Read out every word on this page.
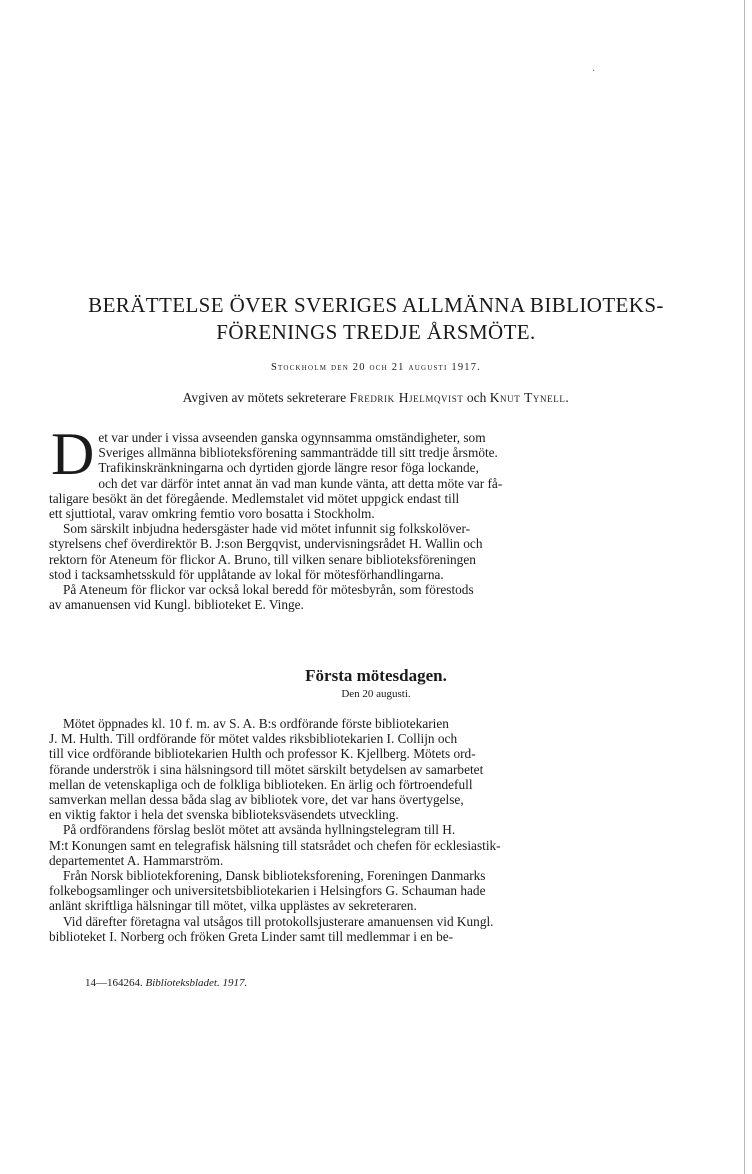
·
BERÄTTELSE ÖVER SVERIGES ALLMÄNNA BIBLIOTEKS-
FÖRENINGS TREDJE ÅRSMÖTE.
Stockholm den 20 och 21 augusti 1917.
Avgiven av mötets sekreterare Fredrik Hjelmqvist och Knut Tynell.
D et var under i vissa avseenden ganska ogynnsamma omständigheter, som
Sveriges allmänna biblioteksförening sammanträdde till sitt tredje årsmöte.
Trafikinskränkningarna och dyrtiden gjorde längre resor föga lockande,
och det var därför intet annat än vad man kunde vänta, att detta möte var få-
taligare besökt än det föregående. Medlemstalet vid mötet uppgick endast till
ett sjuttiotal, varav omkring femtio voro bosatta i Stockholm.
Som särskilt inbjudna hedersgäster hade vid mötet infunnit sig folkskolöver-
styrelsens chef överdirektör B. J:son Bergqvist, undervisningsrådet H. Wallin och
rektorn för Ateneum för flickor A. Bruno, till vilken senare biblioteksföreningen
stod i tacksamhetsskuld för upplåtande av lokal för mötesförhandlingarna.
På Ateneum för flickor var också lokal beredd för mötesbyrån, som förestods
av amanuensen vid Kungl. biblioteket E. Vinge.
Första mötesdagen.
Den 20 augusti.
Mötet öppnades kl. 10 f. m. av S. A. B:s ordförande förste bibliotekarien
J. M. Hulth. Till ordförande för mötet valdes riksbibliotekarien I. Collijn och
till vice ordförande bibliotekarien Hulth och professor K. Kjellberg. Mötets ord-
förande underströk i sina hälsningsord till mötet särskilt betydelsen av samarbetet
mellan de vetenskapliga och de folkliga biblioteken. En ärlig och förtroendefull
samverkan mellan dessa båda slag av bibliotek vore, det var hans övertygelse,
en viktig faktor i hela det svenska biblioteksväsendets utveckling.
På ordförandens förslag beslöt mötet att avsända hyllningstelegram till H.
M:t Konungen samt en telegrafisk hälsning till statsrådet och chefen för ecklesiastik-
departementet A. Hammarström.
Från Norsk bibliotekforening, Dansk biblioteksforening, Foreningen Danmarks
folkebogsamlinger och universitetsbibliotekarien i Helsingfors G. Schauman hade
anlänt skriftliga hälsningar till mötet, vilka upplästes av sekreteraren.
Vid därefter företagna val utsågos till protokollsjusterare amanuensen vid Kungl.
biblioteket I. Norberg och fröken Greta Linder samt till medlemmar i en be-
14—164264. Biblioteksbladet. 1917.
